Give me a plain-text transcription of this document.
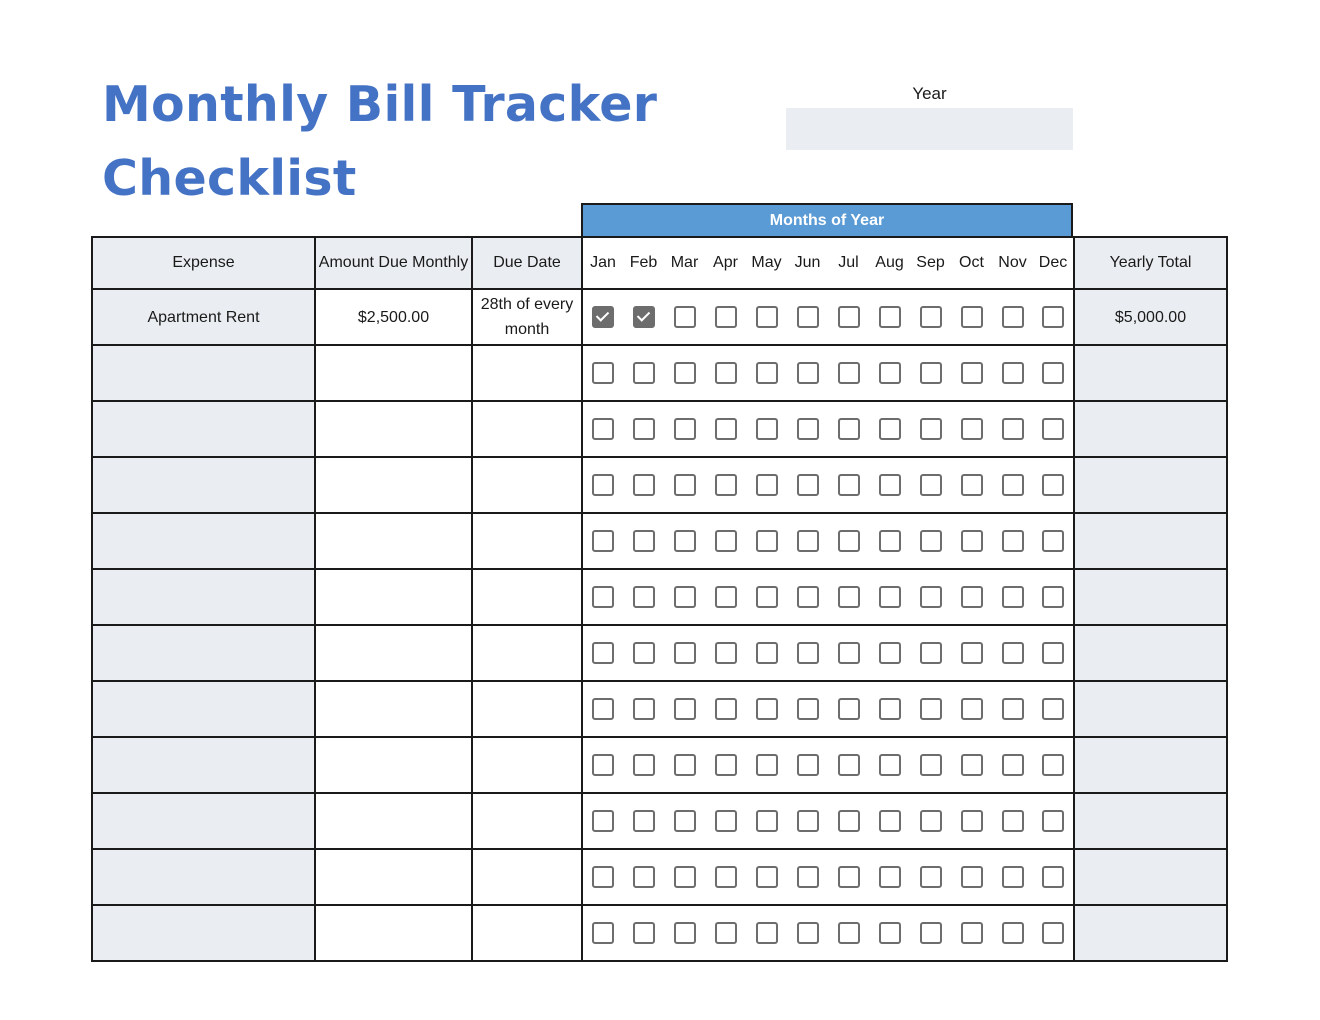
Monthly Bill Tracker
Checklist
Year
Months of Year
Expense	Amount Due Monthly	Due Date	Jan	Feb	Mar	Apr	May	Jun	Jul	Aug	Sep	Oct	Nov	Dec	Yearly Total
Apartment Rent	$2,500.00	28th of every month													$5,000.00
